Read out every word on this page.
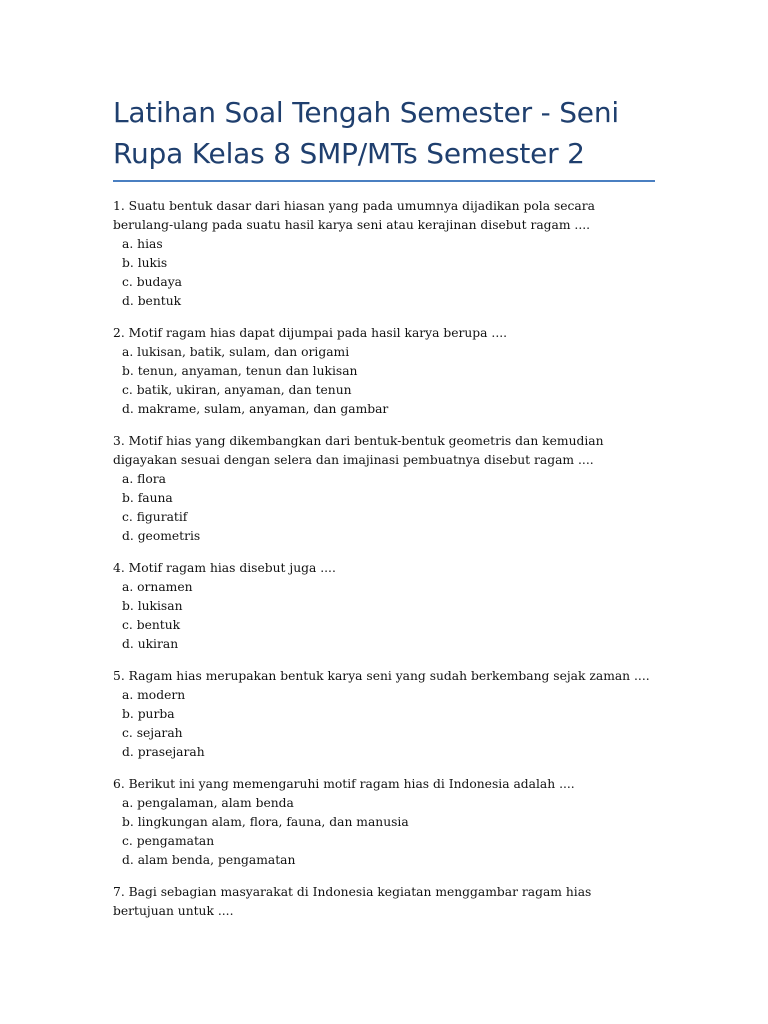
Latihan Soal Tengah Semester - Seni Rupa Kelas 8 SMP/MTs Semester 2

1. Suatu bentuk dasar dari hiasan yang pada umumnya dijadikan pola secara berulang-ulang pada suatu hasil karya seni atau kerajinan disebut ragam ....

a. hias
b. lukis
c. budaya
d. bentuk

2. Motif ragam hias dapat dijumpai pada hasil karya berupa ....

a. lukisan, batik, sulam, dan origami
b. tenun, anyaman, tenun dan lukisan
c. batik, ukiran, anyaman, dan tenun
d. makrame, sulam, anyaman, dan gambar

3. Motif hias yang dikembangkan dari bentuk-bentuk geometris dan kemudian digayakan sesuai dengan selera dan imajinasi pembuatnya disebut ragam ....

a. flora
b. fauna
c. figuratif
d. geometris

4. Motif ragam hias disebut juga ....

a. ornamen
b. lukisan
c. bentuk
d. ukiran

5. Ragam hias merupakan bentuk karya seni yang sudah berkembang sejak zaman ....

a. modern
b. purba
c. sejarah
d. prasejarah

6. Berikut ini yang memengaruhi motif ragam hias di Indonesia adalah ....

a. pengalaman, alam benda
b. lingkungan alam, flora, fauna, dan manusia
c. pengamatan
d. alam benda, pengamatan

7. Bagi sebagian masyarakat di Indonesia kegiatan menggambar ragam hias bertujuan untuk ....
